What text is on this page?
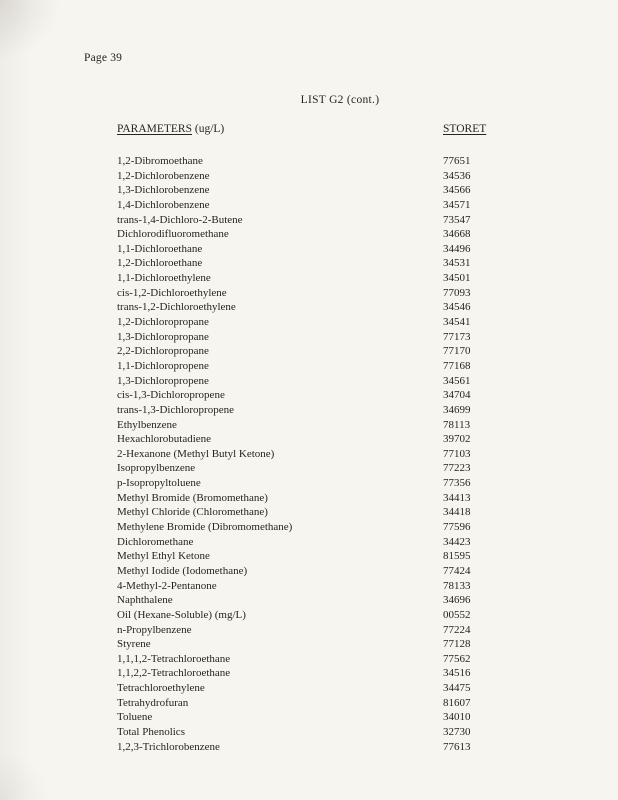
Page 39
LIST G2 (cont.)
PARAMETERS (ug/L)	STORET
1,2-Dibromoethane	77651
1,2-Dichlorobenzene	34536
1,3-Dichlorobenzene	34566
1,4-Dichlorobenzene	34571
trans-1,4-Dichloro-2-Butene	73547
Dichlorodifluoromethane	34668
1,1-Dichloroethane	34496
1,2-Dichloroethane	34531
1,1-Dichloroethylene	34501
cis-1,2-Dichloroethylene	77093
trans-1,2-Dichloroethylene	34546
1,2-Dichloropropane	34541
1,3-Dichloropropane	77173
2,2-Dichloropropane	77170
1,1-Dichloropropene	77168
1,3-Dichloropropene	34561
cis-1,3-Dichloropropene	34704
trans-1,3-Dichloropropene	34699
Ethylbenzene	78113
Hexachlorobutadiene	39702
2-Hexanone (Methyl Butyl Ketone)	77103
Isopropylbenzene	77223
p-Isopropyltoluene	77356
Methyl Bromide (Bromomethane)	34413
Methyl Chloride (Chloromethane)	34418
Methylene Bromide (Dibromomethane)	77596
Dichloromethane	34423
Methyl Ethyl Ketone	81595
Methyl Iodide (Iodomethane)	77424
4-Methyl-2-Pentanone	78133
Naphthalene	34696
Oil (Hexane-Soluble) (mg/L)	00552
n-Propylbenzene	77224
Styrene	77128
1,1,1,2-Tetrachloroethane	77562
1,1,2,2-Tetrachloroethane	34516
Tetrachloroethylene	34475
Tetrahydrofuran	81607
Toluene	34010
Total Phenolics	32730
1,2,3-Trichlorobenzene	77613
